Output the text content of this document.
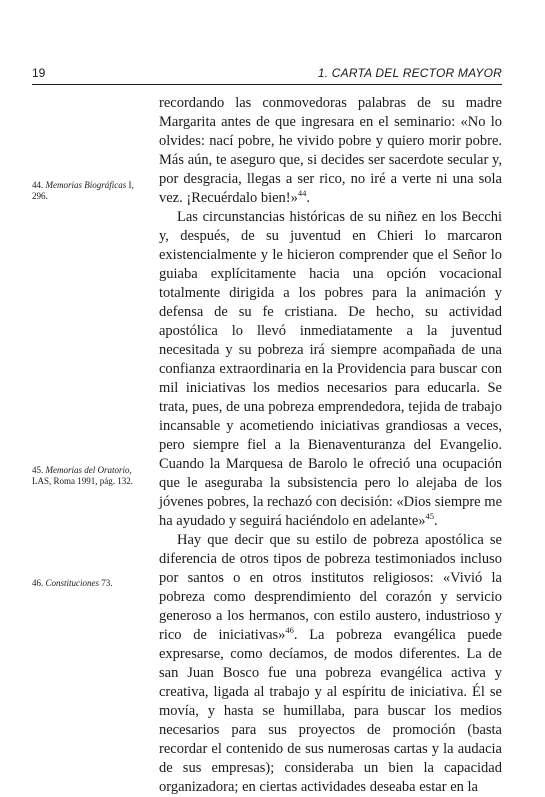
19	1. CARTA DEL RECTOR MAYOR
44. Memorias Biográficas I, 296.
45. Memorias del Oratorio, LAS, Roma 1991, pág. 132.
46. Constituciones 73.

recordando las conmovedoras palabras de su madre Margarita antes de que ingresara en el seminario: «No lo olvides: nací pobre, he vivido pobre y quiero morir pobre. Más aún, te aseguro que, si decides ser sacerdote secular y, por desgracia, llegas a ser rico, no iré a verte ni una sola vez. ¡Recuérdalo bien!»$^{44}$.

Las circunstancias históricas de su niñez en los Becchi y, después, de su juventud en Chieri lo marcaron existencialmente y le hicieron comprender que el Señor lo guiaba explícitamente hacia una opción vocacional totalmente dirigida a los pobres para la animación y defensa de su fe cristiana. De hecho, su actividad apostólica lo llevó inmediatamente a la juventud necesitada y su pobreza irá siempre acompañada de una confianza extraordinaria en la Providencia para buscar con mil iniciativas los medios necesarios para educarla. Se trata, pues, de una pobreza emprendedora, tejida de trabajo incansable y acometiendo iniciativas grandiosas a veces, pero siempre fiel a la Bienaventuranza del Evangelio. Cuando la Marquesa de Barolo le ofreció una ocupación que le aseguraba la subsistencia pero lo alejaba de los jóvenes pobres, la rechazó con decisión: «Dios siempre me ha ayudado y seguirá haciéndolo en adelante»$^{45}$.

Hay que decir que su estilo de pobreza apostólica se diferencia de otros tipos de pobreza testimoniados incluso por santos o en otros institutos religiosos: «Vivió la pobreza como desprendimiento del corazón y servicio generoso a los hermanos, con estilo austero, industrioso y rico de iniciativas»$^{46}$. La pobreza evangélica puede expresarse, como decíamos, de modos diferentes. La de san Juan Bosco fue una pobreza evangélica activa y creativa, ligada al trabajo y al espíritu de iniciativa. Él se movía, y hasta se humillaba, para buscar los medios necesarios para sus proyectos de promoción (basta recordar el contenido de sus numerosas cartas y la audacia de sus empresas); consideraba un bien la capacidad organizadora; en ciertas actividades deseaba estar en la
